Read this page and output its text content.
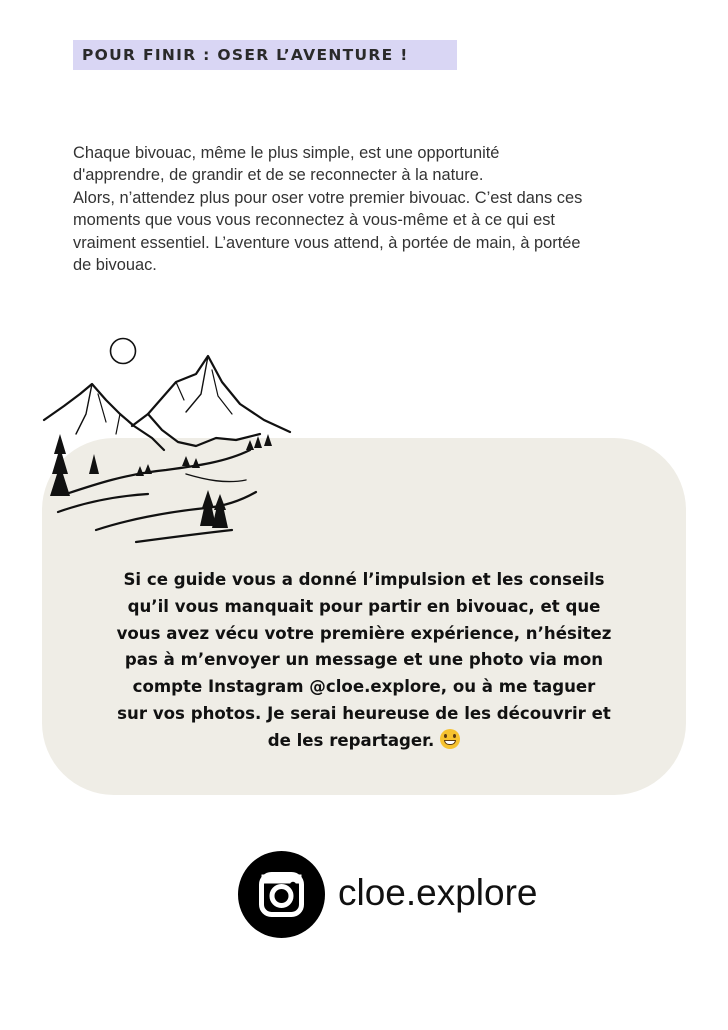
POUR FINIR : OSER L’AVENTURE !

Chaque bivouac, même le plus simple, est une opportunité

d'apprendre, de grandir et de se reconnecter à la nature.

Alors, n’attendez plus pour oser votre premier bivouac. C’est dans ces

moments que vous vous reconnectez à vous-même et à ce qui est

vraiment essentiel. L’aventure vous attend, à portée de main, à portée

de bivouac.

Si ce guide vous a donné l’impulsion et les conseils
qu’il vous manquait pour partir en bivouac, et que
vous avez vécu votre première expérience, n’hésitez
pas à m’envoyer un message et une photo via mon
compte Instagram @cloe.explore, ou à me taguer
sur vos photos. Je serai heureuse de les découvrir et
de les repartager.
cloe.explore
